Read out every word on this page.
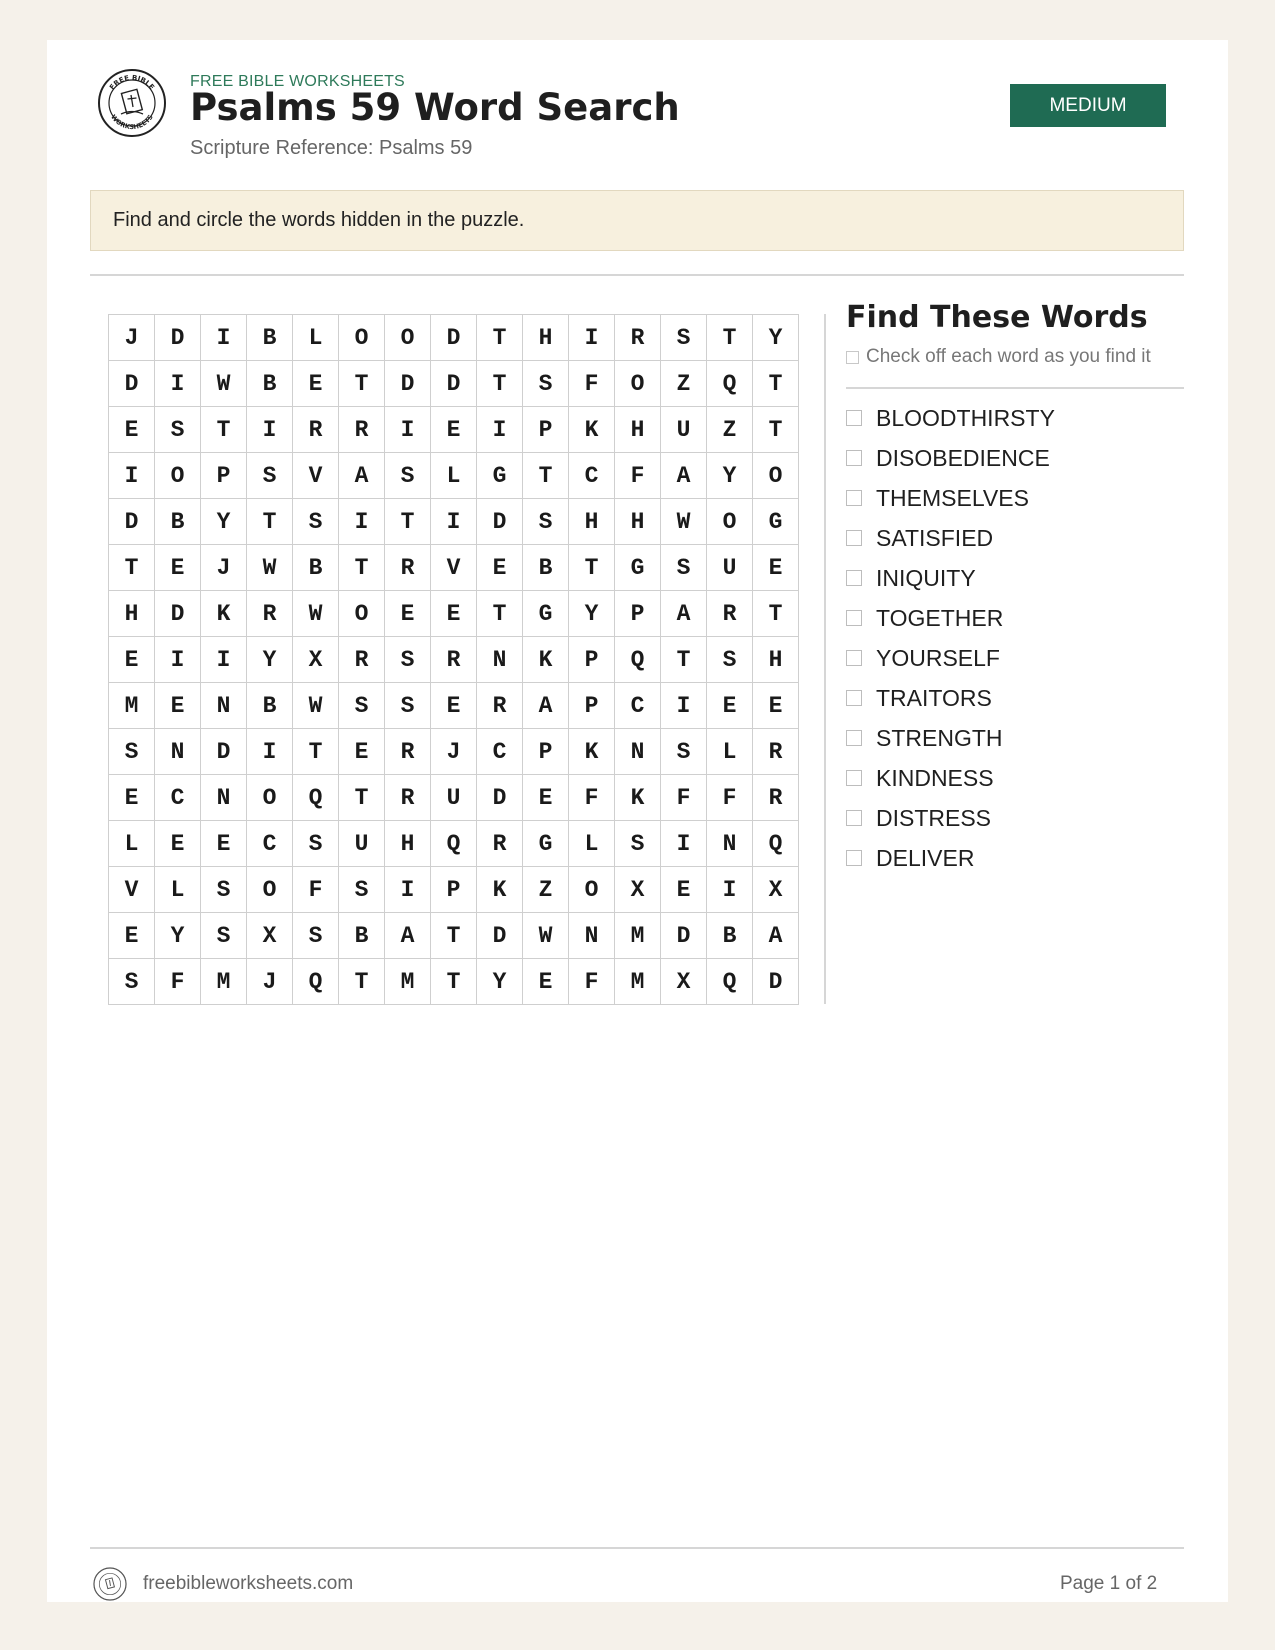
FREE BIBLE
WORKSHEETS
FREE BIBLE WORKSHEETS
Psalms 59 Word Search
Scripture Reference: Psalms 59
MEDIUM
Find and circle the words hidden in the puzzle.
J	D	I	B	L	O	O	D	T	H	I	R	S	T	Y
D	I	W	B	E	T	D	D	T	S	F	O	Z	Q	T
E	S	T	I	R	R	I	E	I	P	K	H	U	Z	T
I	O	P	S	V	A	S	L	G	T	C	F	A	Y	O
D	B	Y	T	S	I	T	I	D	S	H	H	W	O	G
T	E	J	W	B	T	R	V	E	B	T	G	S	U	E
H	D	K	R	W	O	E	E	T	G	Y	P	A	R	T
E	I	I	Y	X	R	S	R	N	K	P	Q	T	S	H
M	E	N	B	W	S	S	E	R	A	P	C	I	E	E
S	N	D	I	T	E	R	J	C	P	K	N	S	L	R
E	C	N	O	Q	T	R	U	D	E	F	K	F	F	R
L	E	E	C	S	U	H	Q	R	G	L	S	I	N	Q
V	L	S	O	F	S	I	P	K	Z	O	X	E	I	X
E	Y	S	X	S	B	A	T	D	W	N	M	D	B	A
S	F	M	J	Q	T	M	T	Y	E	F	M	X	Q	D
Find These Words
Check off each word as you find it
BLOODTHIRSTY
DISOBEDIENCE
THEMSELVES
SATISFIED
INIQUITY
TOGETHER
YOURSELF
TRAITORS
STRENGTH
KINDNESS
DISTRESS
DELIVER
freebibleworksheets.com	Page 1 of 2
